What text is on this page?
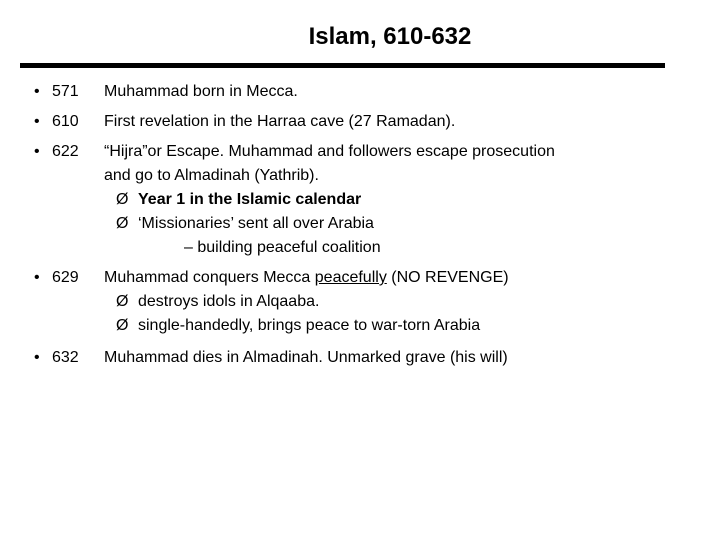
Islam, 610-632
• 571 Muhammad born in Mecca.
• 610 First revelation in the Harraa cave (27 Ramadan).
• 622 “Hijra”or Escape. Muhammad and followers escape prosecution
and go to Almadinah (Yathrib).
Ø Year 1 in the Islamic calendar
Ø ‘Missionaries’ sent all over Arabia
– building peaceful coalition
• 629 Muhammad conquers Mecca peacefully (NO REVENGE)
Ø destroys idols in Alqaaba.
Ø single-handedly, brings peace to war-torn Arabia
• 632 Muhammad dies in Almadinah. Unmarked grave (his will)
